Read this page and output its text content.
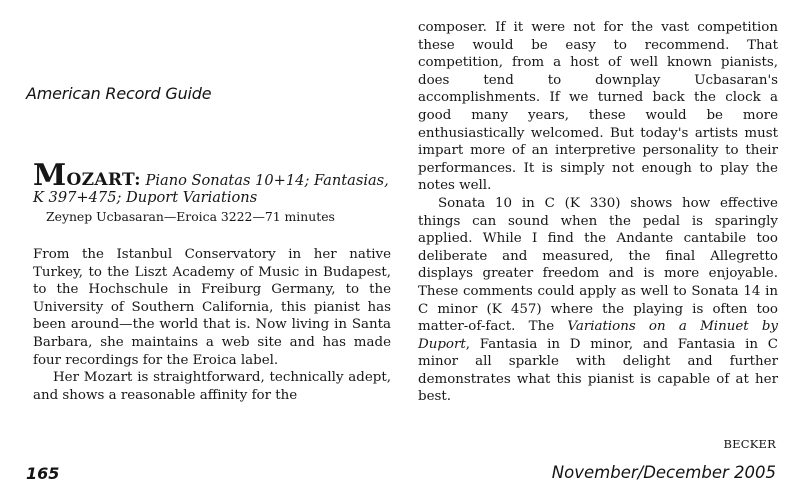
American Record Guide
MOZART: Piano Sonatas 10+14; Fantasias, K 397+475; Duport Variations
Zeynep Ucbasaran—Eroica 3222—71 minutes

From the Istanbul Conservatory in her native Turkey, to the Liszt Academy of Music in Budapest, to the Hochschule in Freiburg Germany, to the University of Southern California, this pianist has been around—the world that is. Now living in Santa Barbara, she maintains a web site and has made four recordings for the Eroica label.

Her Mozart is straightforward, technically adept, and shows a reasonable affinity for the

composer. If it were not for the vast competition these would be easy to recommend. That competition, from a host of well known pianists, does tend to downplay Ucbasaran's accomplishments. If we turned back the clock a good many years, these would be more enthusiastically welcomed. But today's artists must impart more of an interpretive personality to their performances. It is simply not enough to play the notes well.

Sonata 10 in C (K 330) shows how effective things can sound when the pedal is sparingly applied. While I find the Andante cantabile too deliberate and measured, the final Allegretto displays greater freedom and is more enjoyable. These comments could apply as well to Sonata 14 in C minor (K 457) where the playing is often too matter-of-fact. The Variations on a Minuet by Duport, Fantasia in D minor, and Fantasia in C minor all sparkle with delight and further demonstrates what this pianist is capable of at her best.

BECKER
165	November/December 2005
